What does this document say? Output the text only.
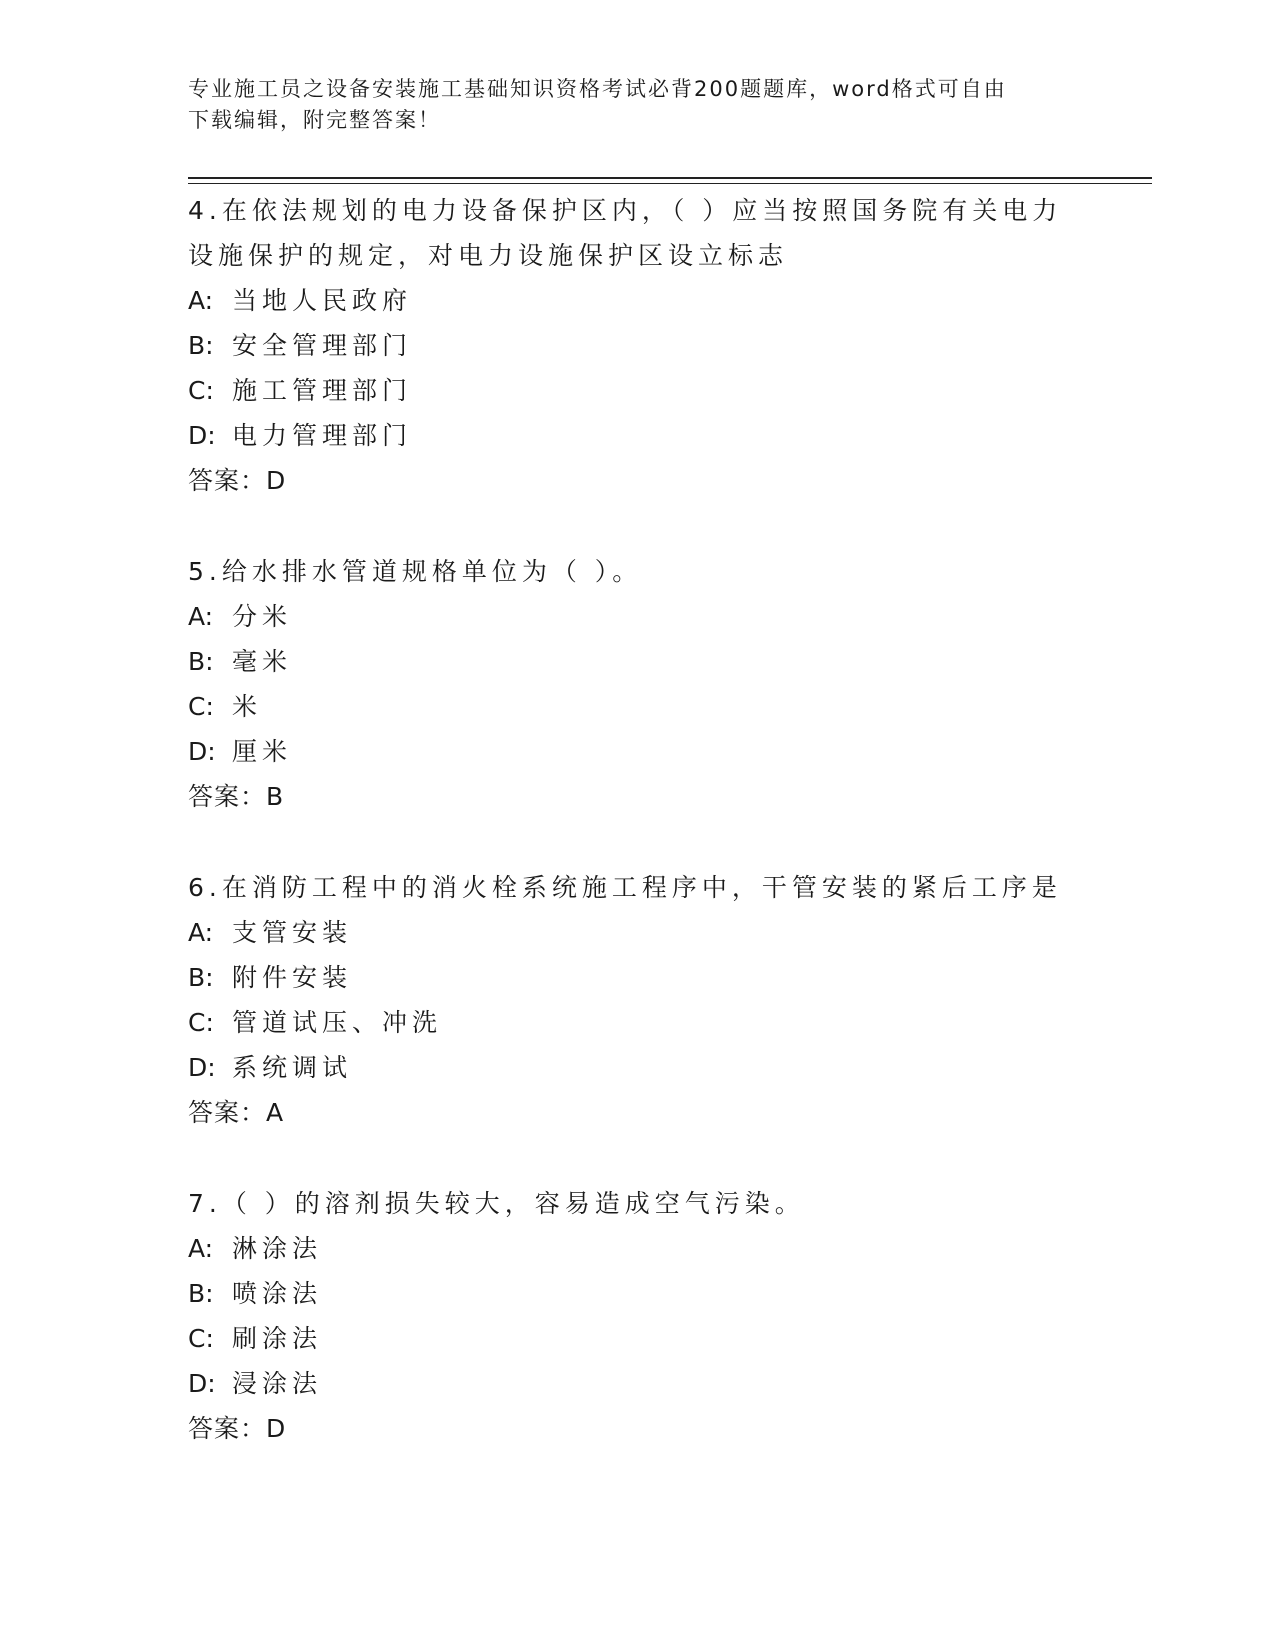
专业施工员之设备安装施工基础知识资格考试必背200题题库，word格式可自由
下载编辑，附完整答案！

4.在依法规划的电力设备保护区内，（ ）应当按照国务院有关电力设施保护的规定，对电力设施保护区设立标志

A: 当地人民政府
B: 安全管理部门
C: 施工管理部门
D: 电力管理部门

答案：D

5.给水排水管道规格单位为（ ）。

A: 分米
B: 毫米
C: 米
D: 厘米

答案：B

6.在消防工程中的消火栓系统施工程序中，干管安装的紧后工序是

A: 支管安装
B: 附件安装
C: 管道试压、冲洗
D: 系统调试

答案：A

7.（ ）的溶剂损失较大，容易造成空气污染。

A: 淋涂法
B: 喷涂法
C: 刷涂法
D: 浸涂法

答案：D
